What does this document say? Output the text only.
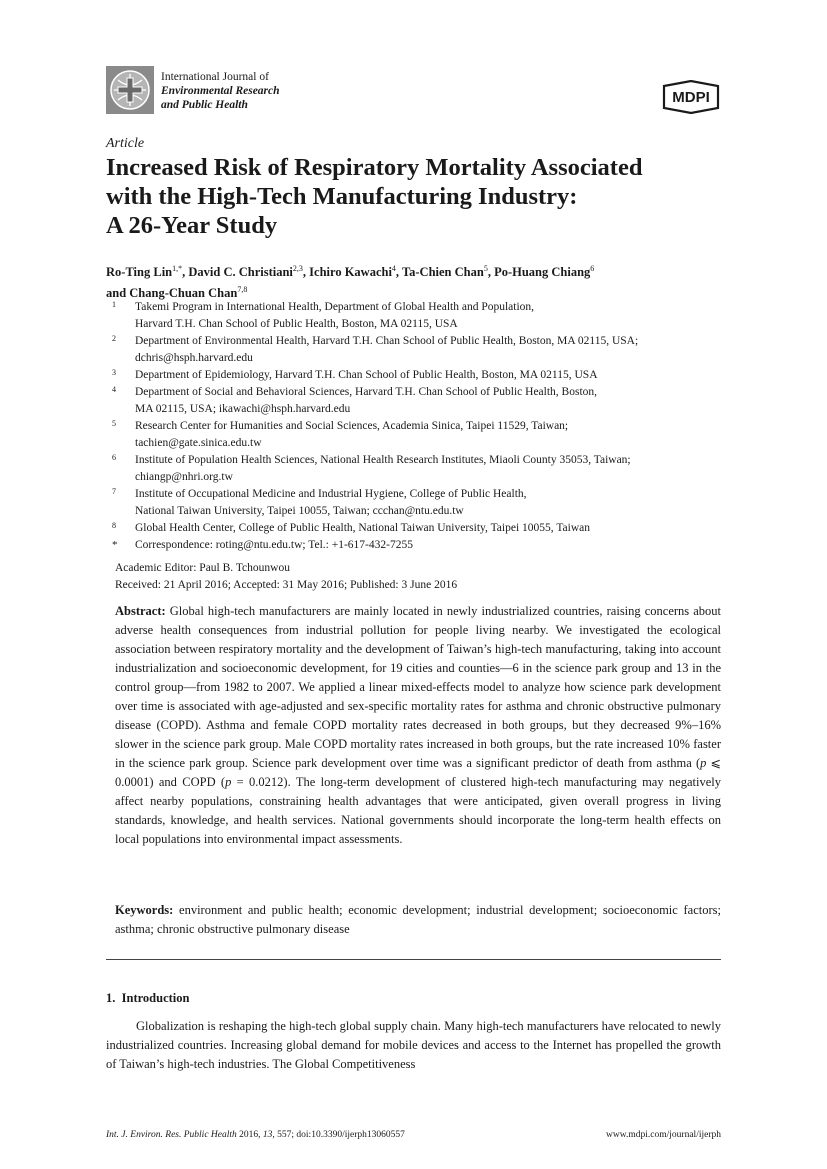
International Journal of
Environmental Research
and Public Health	MDPI
Article
Increased Risk of Respiratory Mortality Associated
with the High-Tech Manufacturing Industry:
A 26-Year Study
Ro-Ting Lin$^{1,*}$, David C. Christiani$^{2,3}$, Ichiro Kawachi$^4$, Ta-Chien Chan$^5$, Po-Huang Chiang$^6$
and Chang-Chuan Chan$^{7,8}$
1 Takemi Program in International Health, Department of Global Health and Population,
Harvard T.H. Chan School of Public Health, Boston, MA 02115, USA
2 Department of Environmental Health, Harvard T.H. Chan School of Public Health, Boston, MA 02115, USA;
dchris@hsph.harvard.edu
3 Department of Epidemiology, Harvard T.H. Chan School of Public Health, Boston, MA 02115, USA
4 Department of Social and Behavioral Sciences, Harvard T.H. Chan School of Public Health, Boston,
MA 02115, USA; ikawachi@hsph.harvard.edu
5 Research Center for Humanities and Social Sciences, Academia Sinica, Taipei 11529, Taiwan;
tachien@gate.sinica.edu.tw
6 Institute of Population Health Sciences, National Health Research Institutes, Miaoli County 35053, Taiwan;
chiangp@nhri.org.tw
7 Institute of Occupational Medicine and Industrial Hygiene, College of Public Health,
National Taiwan University, Taipei 10055, Taiwan; ccchan@ntu.edu.tw
8 Global Health Center, College of Public Health, National Taiwan University, Taipei 10055, Taiwan
* Correspondence: roting@ntu.edu.tw; Tel.: +1-617-432-7255
Academic Editor: Paul B. Tchounwou
Received: 21 April 2016; Accepted: 31 May 2016; Published: 3 June 2016

Abstract: Global high-tech manufacturers are mainly located in newly industrialized countries, raising concerns about adverse health consequences from industrial pollution for people living nearby. We investigated the ecological association between respiratory mortality and the development of Taiwan’s high-tech manufacturing, taking into account industrialization and socioeconomic development, for 19 cities and counties—6 in the science park group and 13 in the control group—from 1982 to 2007. We applied a linear mixed-effects model to analyze how science park development over time is associated with age-adjusted and sex-specific mortality rates for asthma and chronic obstructive pulmonary disease (COPD). Asthma and female COPD mortality rates decreased in both groups, but they decreased 9%–16% slower in the science park group. Male COPD mortality rates increased in both groups, but the rate increased 10% faster in the science park group. Science park development over time was a significant predictor of death from asthma (p ⩽ 0.0001) and COPD (p = 0.0212). The long-term development of clustered high-tech manufacturing may negatively affect nearby populations, constraining health advantages that were anticipated, given overall progress in living standards, knowledge, and health services. National governments should incorporate the long-term health effects on local populations into environmental impact assessments.

Keywords: environment and public health; economic development; industrial development; socioeconomic factors; asthma; chronic obstructive pulmonary disease

1.  Introduction

Globalization is reshaping the high-tech global supply chain. Many high-tech manufacturers have relocated to newly industrialized countries. Increasing global demand for mobile devices and access to the Internet has propelled the growth of Taiwan’s high-tech industries. The Global Competitiveness

Int. J. Environ. Res. Public Health 2016, 13, 557; doi:10.3390/ijerph13060557	www.mdpi.com/journal/ijerph
